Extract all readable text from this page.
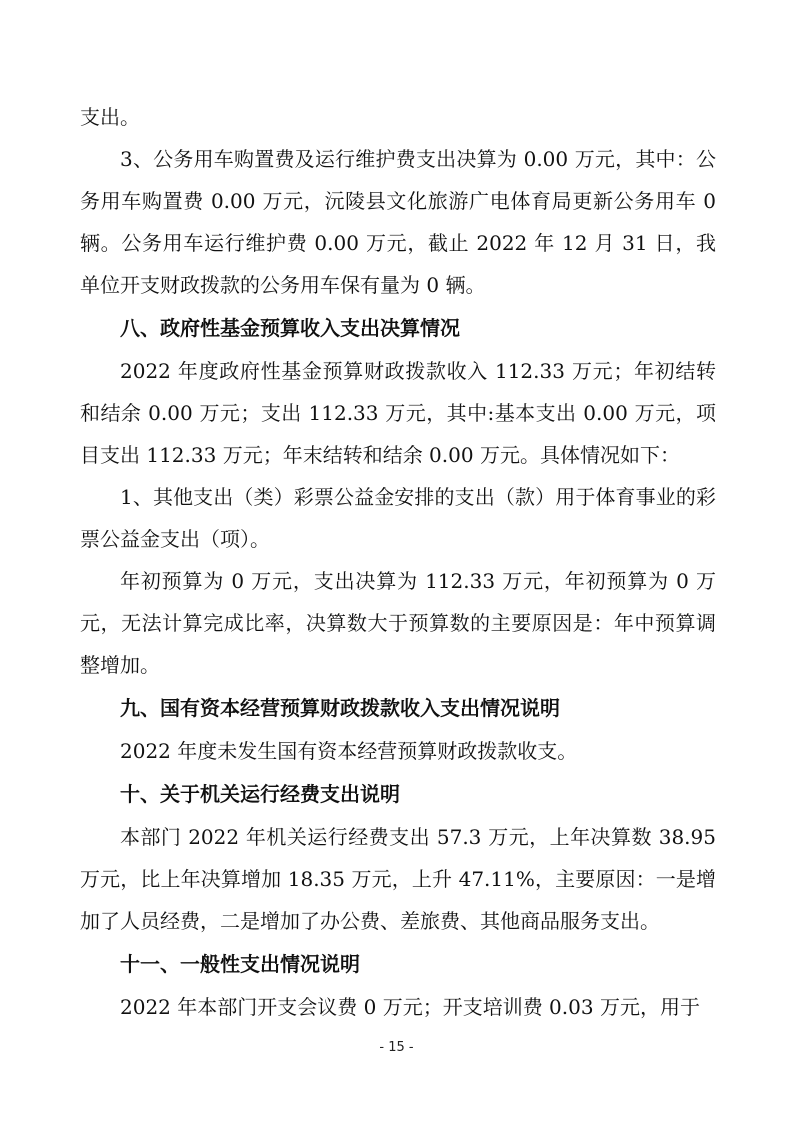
支出。

3、公务用车购置费及运行维护费支出决算为 0.00 万元，其中：公务用车购置费 0.00 万元，沅陵县文化旅游广电体育局更新公务用车 0 辆。公务用车运行维护费 0.00 万元，截止 2022 年 12 月 31 日，我单位开支财政拨款的公务用车保有量为 0 辆。

八、政府性基金预算收入支出决算情况

2022 年度政府性基金预算财政拨款收入 112.33 万元；年初结转和结余 0.00 万元；支出 112.33 万元，其中:基本支出 0.00 万元，项目支出 112.33 万元；年末结转和结余 0.00 万元。具体情况如下：

1、其他支出（类）彩票公益金安排的支出（款）用于体育事业的彩票公益金支出（项）。

年初预算为 0 万元，支出决算为 112.33 万元，年初预算为 0 万元，无法计算完成比率，决算数大于预算数的主要原因是：年中预算调整增加。

九、国有资本经营预算财政拨款收入支出情况说明

2022 年度未发生国有资本经营预算财政拨款收支。

十、关于机关运行经费支出说明

本部门 2022 年机关运行经费支出 57.3 万元，上年决算数 38.95 万元，比上年决算增加 18.35 万元，上升 47.11%，主要原因：一是增加了人员经费，二是增加了办公费、差旅费、其他商品服务支出。

十一、一般性支出情况说明

2022 年本部门开支会议费 0 万元；开支培训费 0.03 万元，用于

- 15 -
